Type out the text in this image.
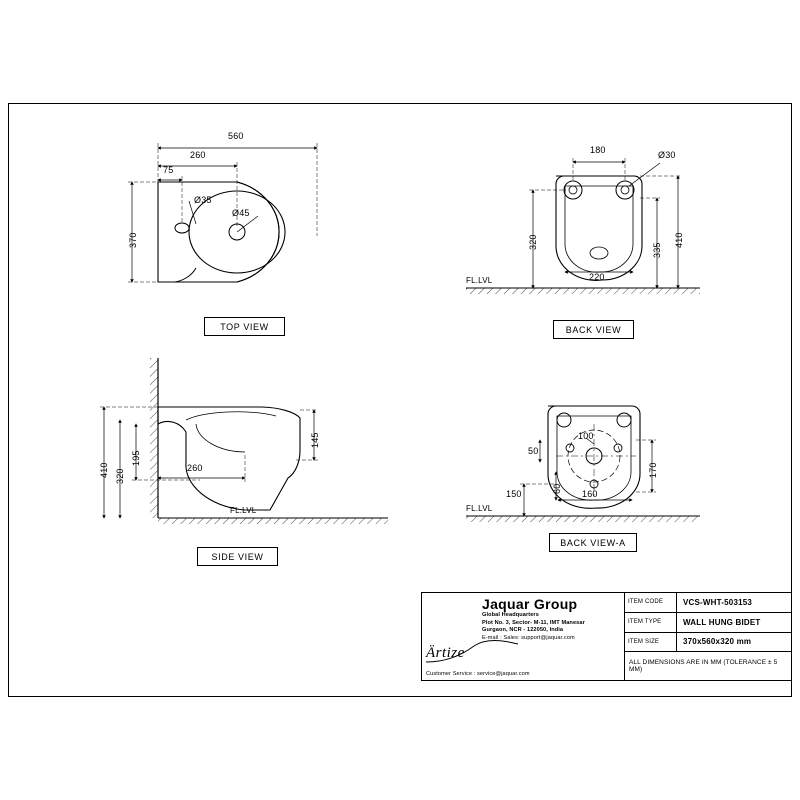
560
260
75
Ø35
Ø45
370
TOP VIEW
180	Ø30
320
220
335
410
FL.LVL
BACK VIEW
410 320
195
145
260
FL.LVL
SIDE VIEW
100
50
60
150
170
160
FL.LVL
BACK VIEW-A
Jaquar Group
Global Headquarters
Plot No. 3, Sector- M-11, IMT Manesar
Gurgaon, NCR - 122050, India
E-mail : Sales: support@jaquar.com
Ärtize
Customer Service : service@jaquar.com
ITEM CODE	VCS-WHT-503153
ITEM TYPE	WALL HUNG BIDET
ITEM SIZE	370x560x320 mm
ALL DIMENSIONS ARE IN MM (TOLERANCE ± 5 MM)
